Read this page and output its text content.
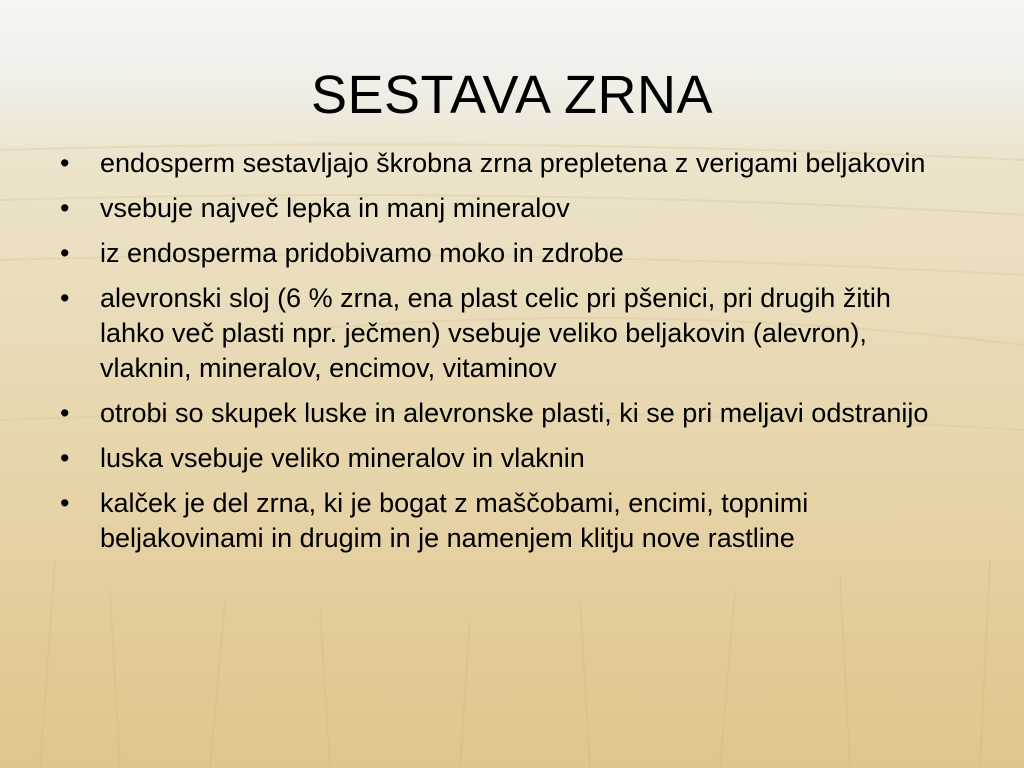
SESTAVA ZRNA
•	endosperm sestavljajo škrobna zrna prepletena z verigami beljakovin
•	vsebuje največ lepka in manj mineralov
•	iz endosperma pridobivamo moko in zdrobe
•	alevronski sloj (6 % zrna, ena plast celic pri pšenici, pri drugih žitih lahko več plasti npr. ječmen) vsebuje veliko beljakovin (alevron), vlaknin, mineralov, encimov, vitaminov
•	otrobi so skupek luske in alevronske plasti, ki se pri meljavi odstranijo
•	luska vsebuje veliko mineralov in vlaknin
•	kalček je del zrna, ki je bogat z maščobami, encimi, topnimi beljakovinami in drugim in je namenjem klitju nove rastline
